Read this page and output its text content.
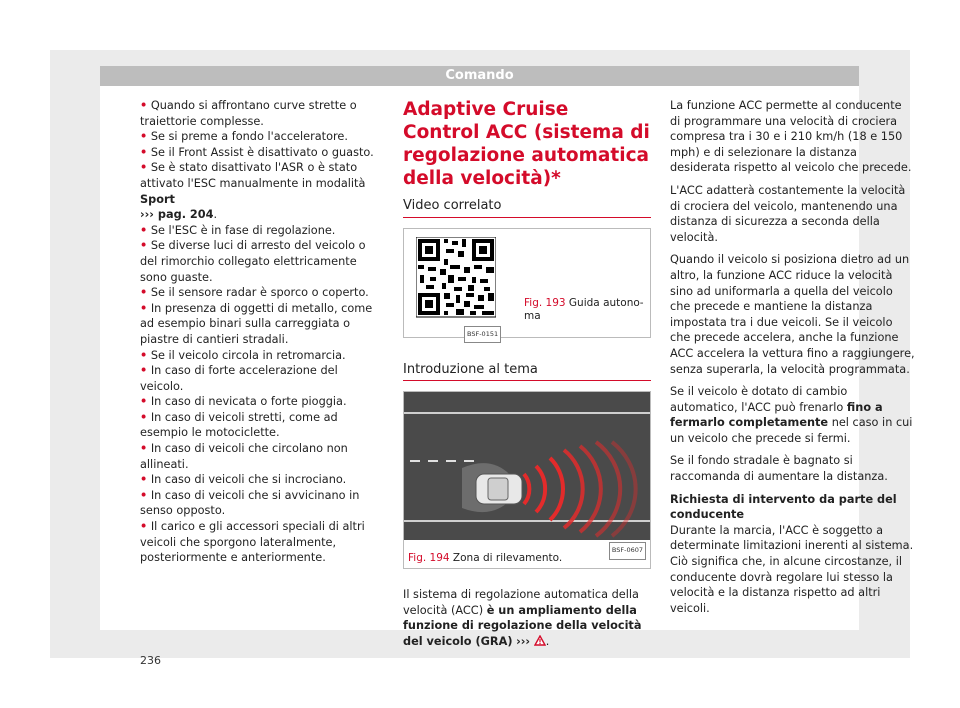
Comando
• Quando si affrontano curve strette o traiettorie complesse.
• Se si preme a fondo l'acceleratore.
• Se il Front Assist è disattivato o guasto.
• Se è stato disattivato l'ASR o è stato attivato l'ESC manualmente in modalità Sport
››› pag. 204.
• Se l'ESC è in fase di regolazione.
• Se diverse luci di arresto del veicolo o del rimorchio collegato elettricamente sono guaste.
• Se il sensore radar è sporco o coperto.
• In presenza di oggetti di metallo, come ad esempio binari sulla carreggiata o piastre di cantieri stradali.
• Se il veicolo circola in retromarcia.
• In caso di forte accelerazione del veicolo.
• In caso di nevicata o forte pioggia.
• In caso di veicoli stretti, come ad esempio le motociclette.
• In caso di veicoli che circolano non allineati.
• In caso di veicoli che si incrociano.
• In caso di veicoli che si avvicinano in senso opposto.
• Il carico e gli accessori speciali di altri veicoli che sporgono lateralmente, posteriormente e anteriormente.
Adaptive Cruise Control ACC (sistema di regolazione automatica della velocità)*
Video correlato
BSF-0151
Fig. 193 Guida autonoma
Introduzione al tema
BSF-0607
Fig. 194 Zona di rilevamento.

Il sistema di regolazione automatica della velocità (ACC) è un ampliamento della funzione di regolazione della velocità del veicolo (GRA) ››› .

La funzione ACC permette al conducente di programmare una velocità di crociera compresa tra i 30 e i 210 km/h (18 e 150 mph) e di selezionare la distanza desiderata rispetto al veicolo che precede.

L'ACC adatterà costantemente la velocità di crociera del veicolo, mantenendo una distanza di sicurezza a seconda della velocità.

Quando il veicolo si posiziona dietro ad un altro, la funzione ACC riduce la velocità sino ad uniformarla a quella del veicolo che precede e mantiene la distanza impostata tra i due veicoli. Se il veicolo che precede accelera, anche la funzione ACC accelera la vettura fino a raggiungere, senza superarla, la velocità programmata.

Se il veicolo è dotato di cambio automatico, l'ACC può frenarlo fino a fermarlo completamente nel caso in cui un veicolo che precede si fermi.

Se il fondo stradale è bagnato si raccomanda di aumentare la distanza.

Richiesta di intervento da parte del conducente

Durante la marcia, l'ACC è soggetto a determinate limitazioni inerenti al sistema. Ciò significa che, in alcune circostanze, il conducente dovrà regolare lui stesso la velocità e la distanza rispetto ad altri veicoli.

236
